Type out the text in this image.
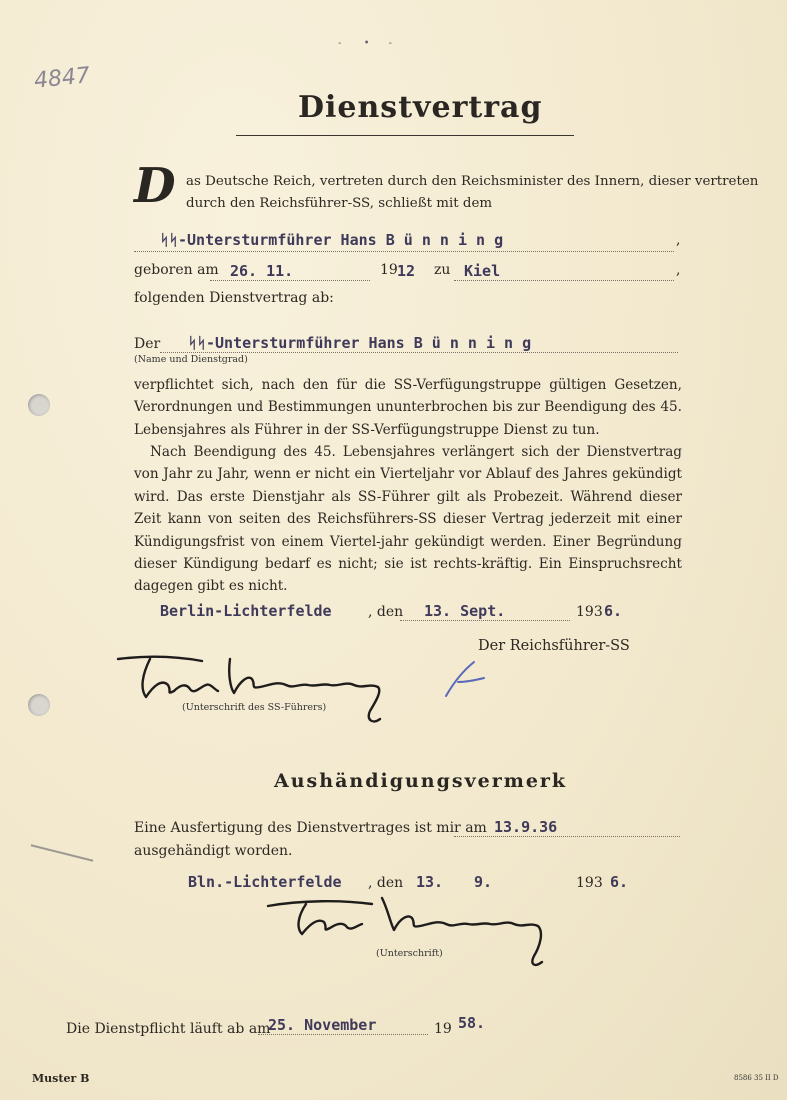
4847
-       •      -
Dienstvertrag
D as Deutsche Reich, vertreten durch den Reichsminister des Innern, dieser vertreten
durch den Reichsführer-SS, schließt mit dem
ᛋᛋ-Untersturmführer Hans B ü n n i n g	,
geboren am 26. 11.	19 12 zu Kiel	,
folgenden Dienstvertrag ab:
Der ᛋᛋ-Untersturmführer Hans B ü n n i n g
(Name und Dienstgrad)

verpflichtet sich, nach den für die SS-Verfügungstruppe gültigen Gesetzen, Verordnungen und Bestimmungen ununterbrochen bis zur Beendigung des 45. Lebensjahres als Führer in der SS-Verfügungstruppe Dienst zu tun.

Nach Beendigung des 45. Lebensjahres verlängert sich der Dienstvertrag von Jahr zu Jahr, wenn er nicht ein Vierteljahr vor Ablauf des Jahres gekündigt wird. Das erste Dienstjahr als SS-Führer gilt als Probezeit. Während dieser Zeit kann von seiten des Reichsführers-SS dieser Vertrag jederzeit mit einer Kündigungsfrist von einem Viertel-jahr gekündigt werden. Einer Begründung dieser Kündigung bedarf es nicht; sie ist rechts-kräftig. Ein Einspruchsrecht dagegen gibt es nicht.

Berlin-Lichterfelde	, den 13. Sept.	193 6.
Der Reichsführer-SS
(Unterschrift des SS-Führers)
Aushändigungsvermerk
Eine Ausfertigung des Dienstvertrages ist mir am 13.9.36
ausgehändigt worden.
Bln.-Lichterfelde , den 13. 9.	193 6.
(Unterschrift)
Die Dienstpflicht läuft ab am
25. November	19 58.
Muster B	8586 35 II D
